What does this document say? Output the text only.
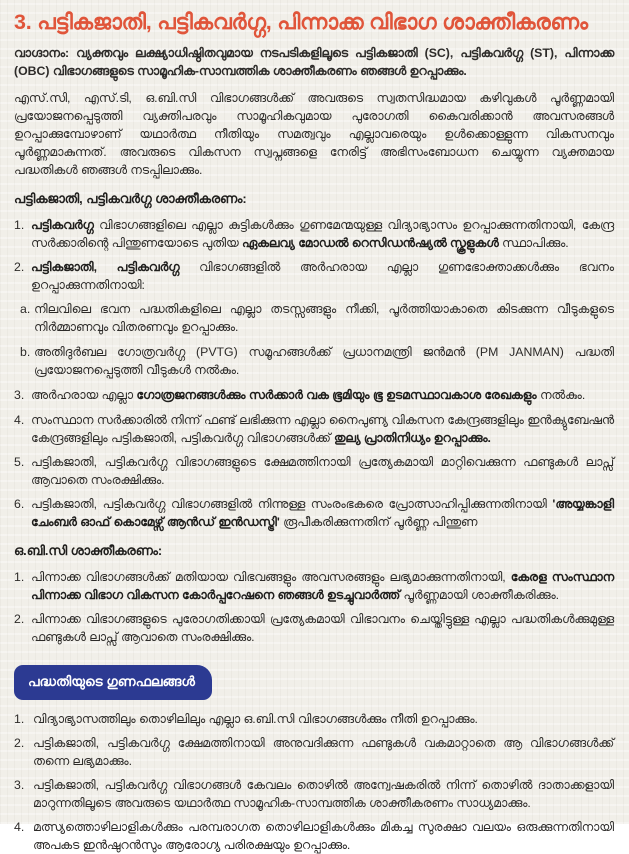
3. പട്ടികജാതി, പട്ടികവർഗ്ഗ, പിന്നാക്ക വിഭാഗ ശാക്തീകരണം

വാഗ്ദാനം: വ്യക്തവും ലക്ഷ്യാധിഷ്ഠിതവുമായ നടപടികളിലൂടെ പട്ടികജാതി (SC), പട്ടികവർഗ്ഗ (ST), പിന്നാക്ക (OBC) വിഭാഗങ്ങളുടെ സാമൂഹിക-സാമ്പത്തിക ശാക്തീകരണം ഞങ്ങൾ ഉറപ്പാക്കും.

എസ്.സി, എസ്.ടി, ഒ.ബി.സി വിഭാഗങ്ങൾക്ക് അവരുടെ സ്വതസിദ്ധമായ കഴിവുകൾ പൂർണ്ണമായി പ്രയോജനപ്പെടുത്തി വ്യക്തിപരവും സാമൂഹികവുമായ പുരോഗതി കൈവരിക്കാൻ അവസരങ്ങൾ ഉറപ്പാക്കുമ്പോഴാണ് യഥാർത്ഥ നീതിയും സമത്വവും എല്ലാവരെയും ഉൾക്കൊള്ളുന്ന വികസനവും പൂർണ്ണമാകുന്നത്. അവരുടെ വികസന സ്വപ്നങ്ങളെ നേരിട്ട് അഭിസംബോധന ചെയ്യുന്ന വ്യക്തമായ പദ്ധതികൾ ഞങ്ങൾ നടപ്പിലാക്കും.

പട്ടികജാതി, പട്ടികവർഗ്ഗ ശാക്തീകരണം:
1. പട്ടികവർഗ്ഗ വിഭാഗങ്ങളിലെ എല്ലാ കുട്ടികൾക്കും ഗുണമേന്മയുള്ള വിദ്യാഭ്യാസം ഉറപ്പാക്കുന്നതിനായി, കേന്ദ്ര സർക്കാരിന്റെ പിന്തുണയോടെ പുതിയ ഏകലവ്യ മോഡൽ റെസിഡൻഷ്യൽ സ്കൂളുകൾ സ്ഥാപിക്കും.
2. പട്ടികജാതി, പട്ടികവർഗ്ഗ വിഭാഗങ്ങളിൽ അർഹരായ എല്ലാ ഗുണഭോക്താക്കൾക്കും ഭവനം ഉറപ്പാക്കുന്നതിനായി:
a. നിലവിലെ ഭവന പദ്ധതികളിലെ എല്ലാ തടസ്സങ്ങളും നീക്കി, പൂർത്തിയാകാതെ കിടക്കുന്ന വീടുകളുടെ നിർമ്മാണവും വിതരണവും ഉറപ്പാക്കും.
b. അതിദുർബല ഗോത്രവർഗ്ഗ (PVTG) സമൂഹങ്ങൾക്ക് പ്രധാനമന്ത്രി ജൻമൻ (PM JANMAN) പദ്ധതി പ്രയോജനപ്പെടുത്തി വീടുകൾ നൽകും.
3. അർഹരായ എല്ലാ ഗോത്രജനങ്ങൾക്കും സർക്കാർ വക ഭൂമിയും ഭൂ ഉടമസ്ഥാവകാശ രേഖകളും നൽകും.
4. സംസ്ഥാന സർക്കാരിൽ നിന്ന് ഫണ്ട് ലഭിക്കുന്ന എല്ലാ നൈപുണ്യ വികസന കേന്ദ്രങ്ങളിലും ഇൻക്യുബേഷൻ കേന്ദ്രങ്ങളിലും പട്ടികജാതി, പട്ടികവർഗ്ഗ വിഭാഗങ്ങൾക്ക് തുല്യ പ്രാതിനിധ്യം ഉറപ്പാക്കും.
5. പട്ടികജാതി, പട്ടികവർഗ്ഗ വിഭാഗങ്ങളുടെ ക്ഷേമത്തിനായി പ്രത്യേകമായി മാറ്റിവെക്കുന്ന ഫണ്ടുകൾ ലാപ്സ് ആവാതെ സംരക്ഷിക്കും.
6. പട്ടികജാതി, പട്ടികവർഗ്ഗ വിഭാഗങ്ങളിൽ നിന്നുള്ള സംരംഭകരെ പ്രോത്സാഹിപ്പിക്കുന്നതിനായി 'അയ്യങ്കാളി ചേംബർ ഓഫ് കൊമേഴ്സ് ആൻഡ് ഇൻഡസ്ട്രി' രൂപീകരിക്കുന്നതിന് പൂർണ്ണ പിന്തുണ
ഒ.ബി.സി ശാക്തീകരണം:
1. പിന്നാക്ക വിഭാഗങ്ങൾക്ക് മതിയായ വിഭവങ്ങളും അവസരങ്ങളും ലഭ്യമാക്കുന്നതിനായി, കേരള സംസ്ഥാന പിന്നാക്ക വിഭാഗ വികസന കോർപ്പറേഷനെ ഞങ്ങൾ ഉടച്ചുവാർത്ത് പൂർണ്ണമായി ശാക്തീകരിക്കും.
2. പിന്നാക്ക വിഭാഗങ്ങളുടെ പുരോഗതിക്കായി പ്രത്യേകമായി വിഭാവനം ചെയ്തിട്ടുള്ള എല്ലാ പദ്ധതികൾക്കുമുള്ള ഫണ്ടുകൾ ലാപ്സ് ആവാതെ സംരക്ഷിക്കും.
പദ്ധതിയുടെ ഗുണഫലങ്ങൾ
1. വിദ്യാഭ്യാസത്തിലും തൊഴിലിലും എല്ലാ ഒ.ബി.സി വിഭാഗങ്ങൾക്കും നീതി ഉറപ്പാക്കും.
2. പട്ടികജാതി, പട്ടികവർഗ്ഗ ക്ഷേമത്തിനായി അനുവദിക്കുന്ന ഫണ്ടുകൾ വകമാറ്റാതെ ആ വിഭാഗങ്ങൾക്ക് തന്നെ ലഭ്യമാക്കും.
3. പട്ടികജാതി, പട്ടികവർഗ്ഗ വിഭാഗങ്ങൾ കേവലം തൊഴിൽ അന്വേഷകരിൽ നിന്ന് തൊഴിൽ ദാതാക്കളായി മാറുന്നതിലൂടെ അവരുടെ യഥാർത്ഥ സാമൂഹിക-സാമ്പത്തിക ശാക്തീകരണം സാധ്യമാക്കും.
4. മത്സ്യത്തൊഴിലാളികൾക്കും പരമ്പരാഗത തൊഴിലാളികൾക്കും മികച്ച സുരക്ഷാ വലയം ഒരുക്കുന്നതിനായി അപകട ഇൻഷുറൻസും ആരോഗ്യ പരിരക്ഷയും ഉറപ്പാക്കും.
